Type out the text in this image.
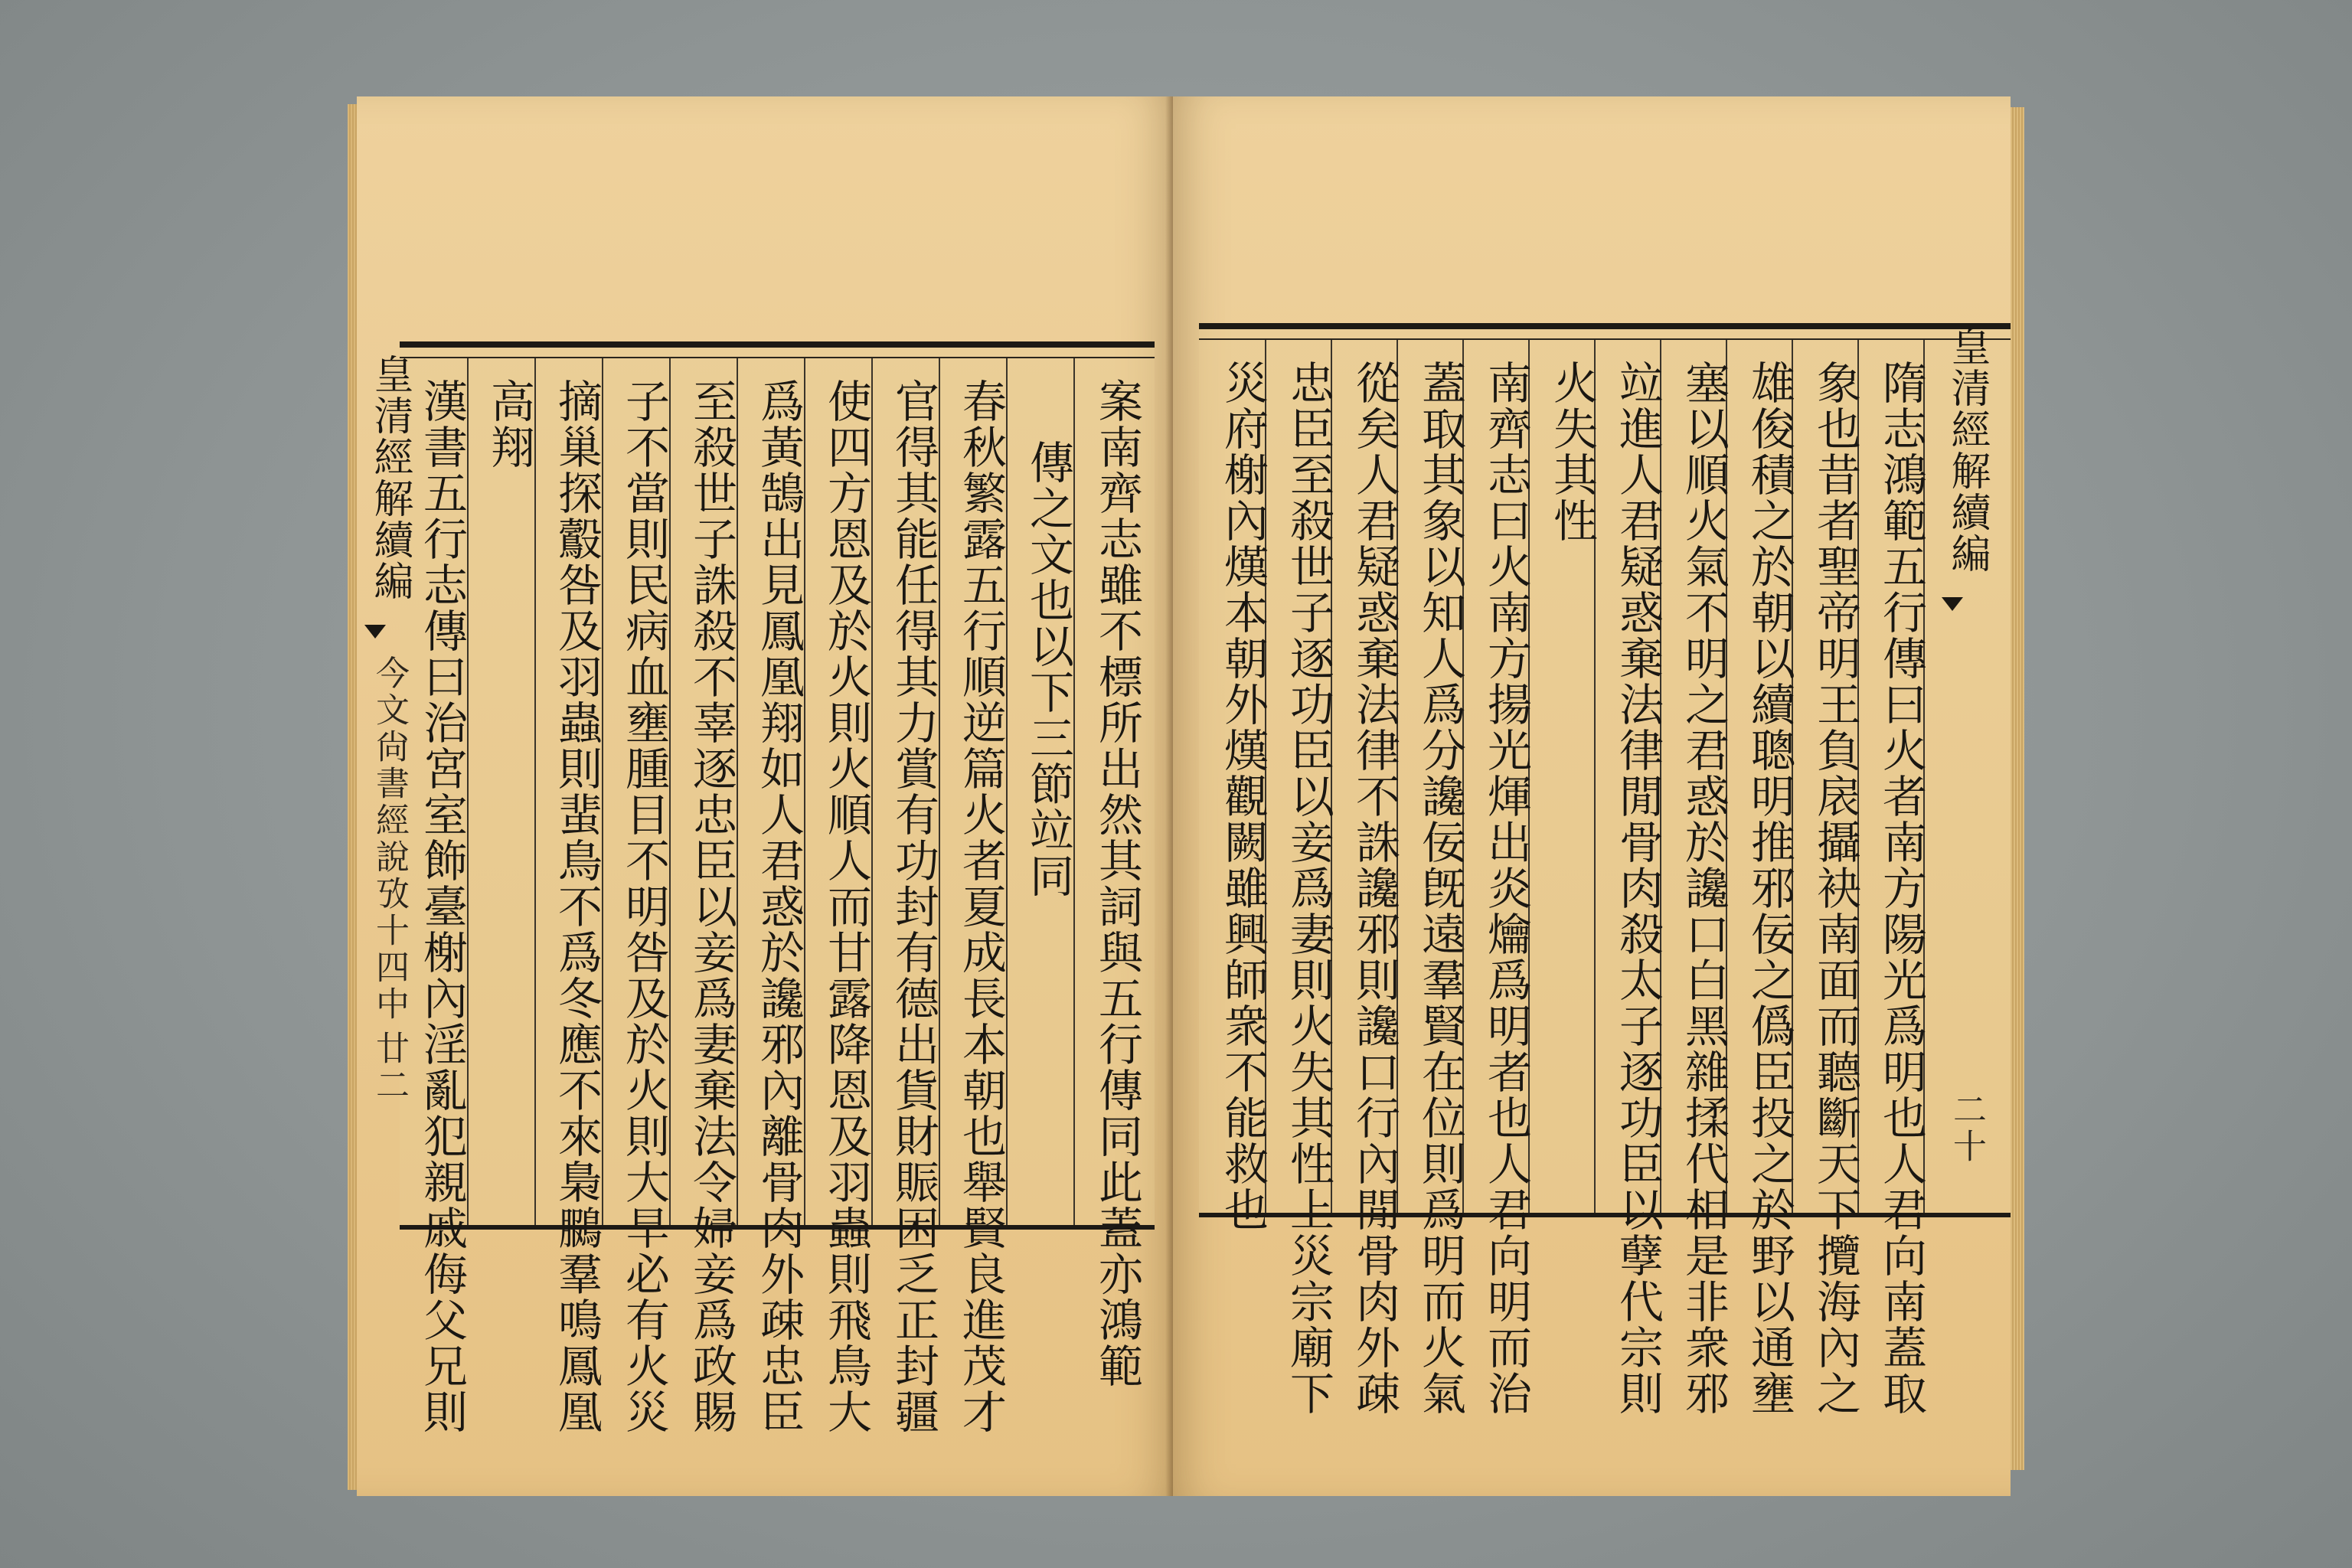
案南齊志雖不標所出然其詞與五行傳同此蓋亦鴻範
傳之文也以下三節竝同
春秋繁露五行順逆篇火者夏成長本朝也舉賢良進茂才
官得其能任得其力賞有功封有德出貨財賑困乏正封疆
使四方恩及於火則火順人而甘露降恩及羽蟲則飛鳥大
爲黃鵠出見鳳凰翔如人君惑於讒邪內離骨肉外疎忠臣
至殺世子誅殺不辜逐忠臣以妾爲妻棄法令婦妾爲政賜
子不當則民病血壅腫目不明咎及於火則大旱必有火災
摘巢探鷇咎及羽蟲則蜚鳥不爲冬應不來梟鵩羣鳴鳳凰
高翔
漢書五行志傳曰治宮室飾臺榭內淫亂犯親戚侮父兄則
皇清經解續編
今文尙書經說攷十四中
廿二	隋志鴻範五行傳曰火者南方陽光爲明也人君向南蓋取
象也昔者聖帝明王負扆攝袂南面而聽斷天下攬海內之
雄俊積之於朝以續聰明推邪佞之僞臣投之於野以通壅
塞以順火氣不明之君惑於讒口白黑雜揉代相是非衆邪
竝進人君疑惑棄法律閒骨肉殺太子逐功臣以孽代宗則
火失其性
南齊志曰火南方揚光煇出炎爚爲明者也人君向明而治
蓋取其象以知人爲分讒佞旣遠羣賢在位則爲明而火氣
從矣人君疑惑棄法律不誅讒邪則讒口行內閒骨肉外疎
忠臣至殺世子逐功臣以妾爲妻則火失其性上災宗廟下
災府榭內熯本朝外熯觀闕雖興師衆不能救也	皇清經解續編
二十
